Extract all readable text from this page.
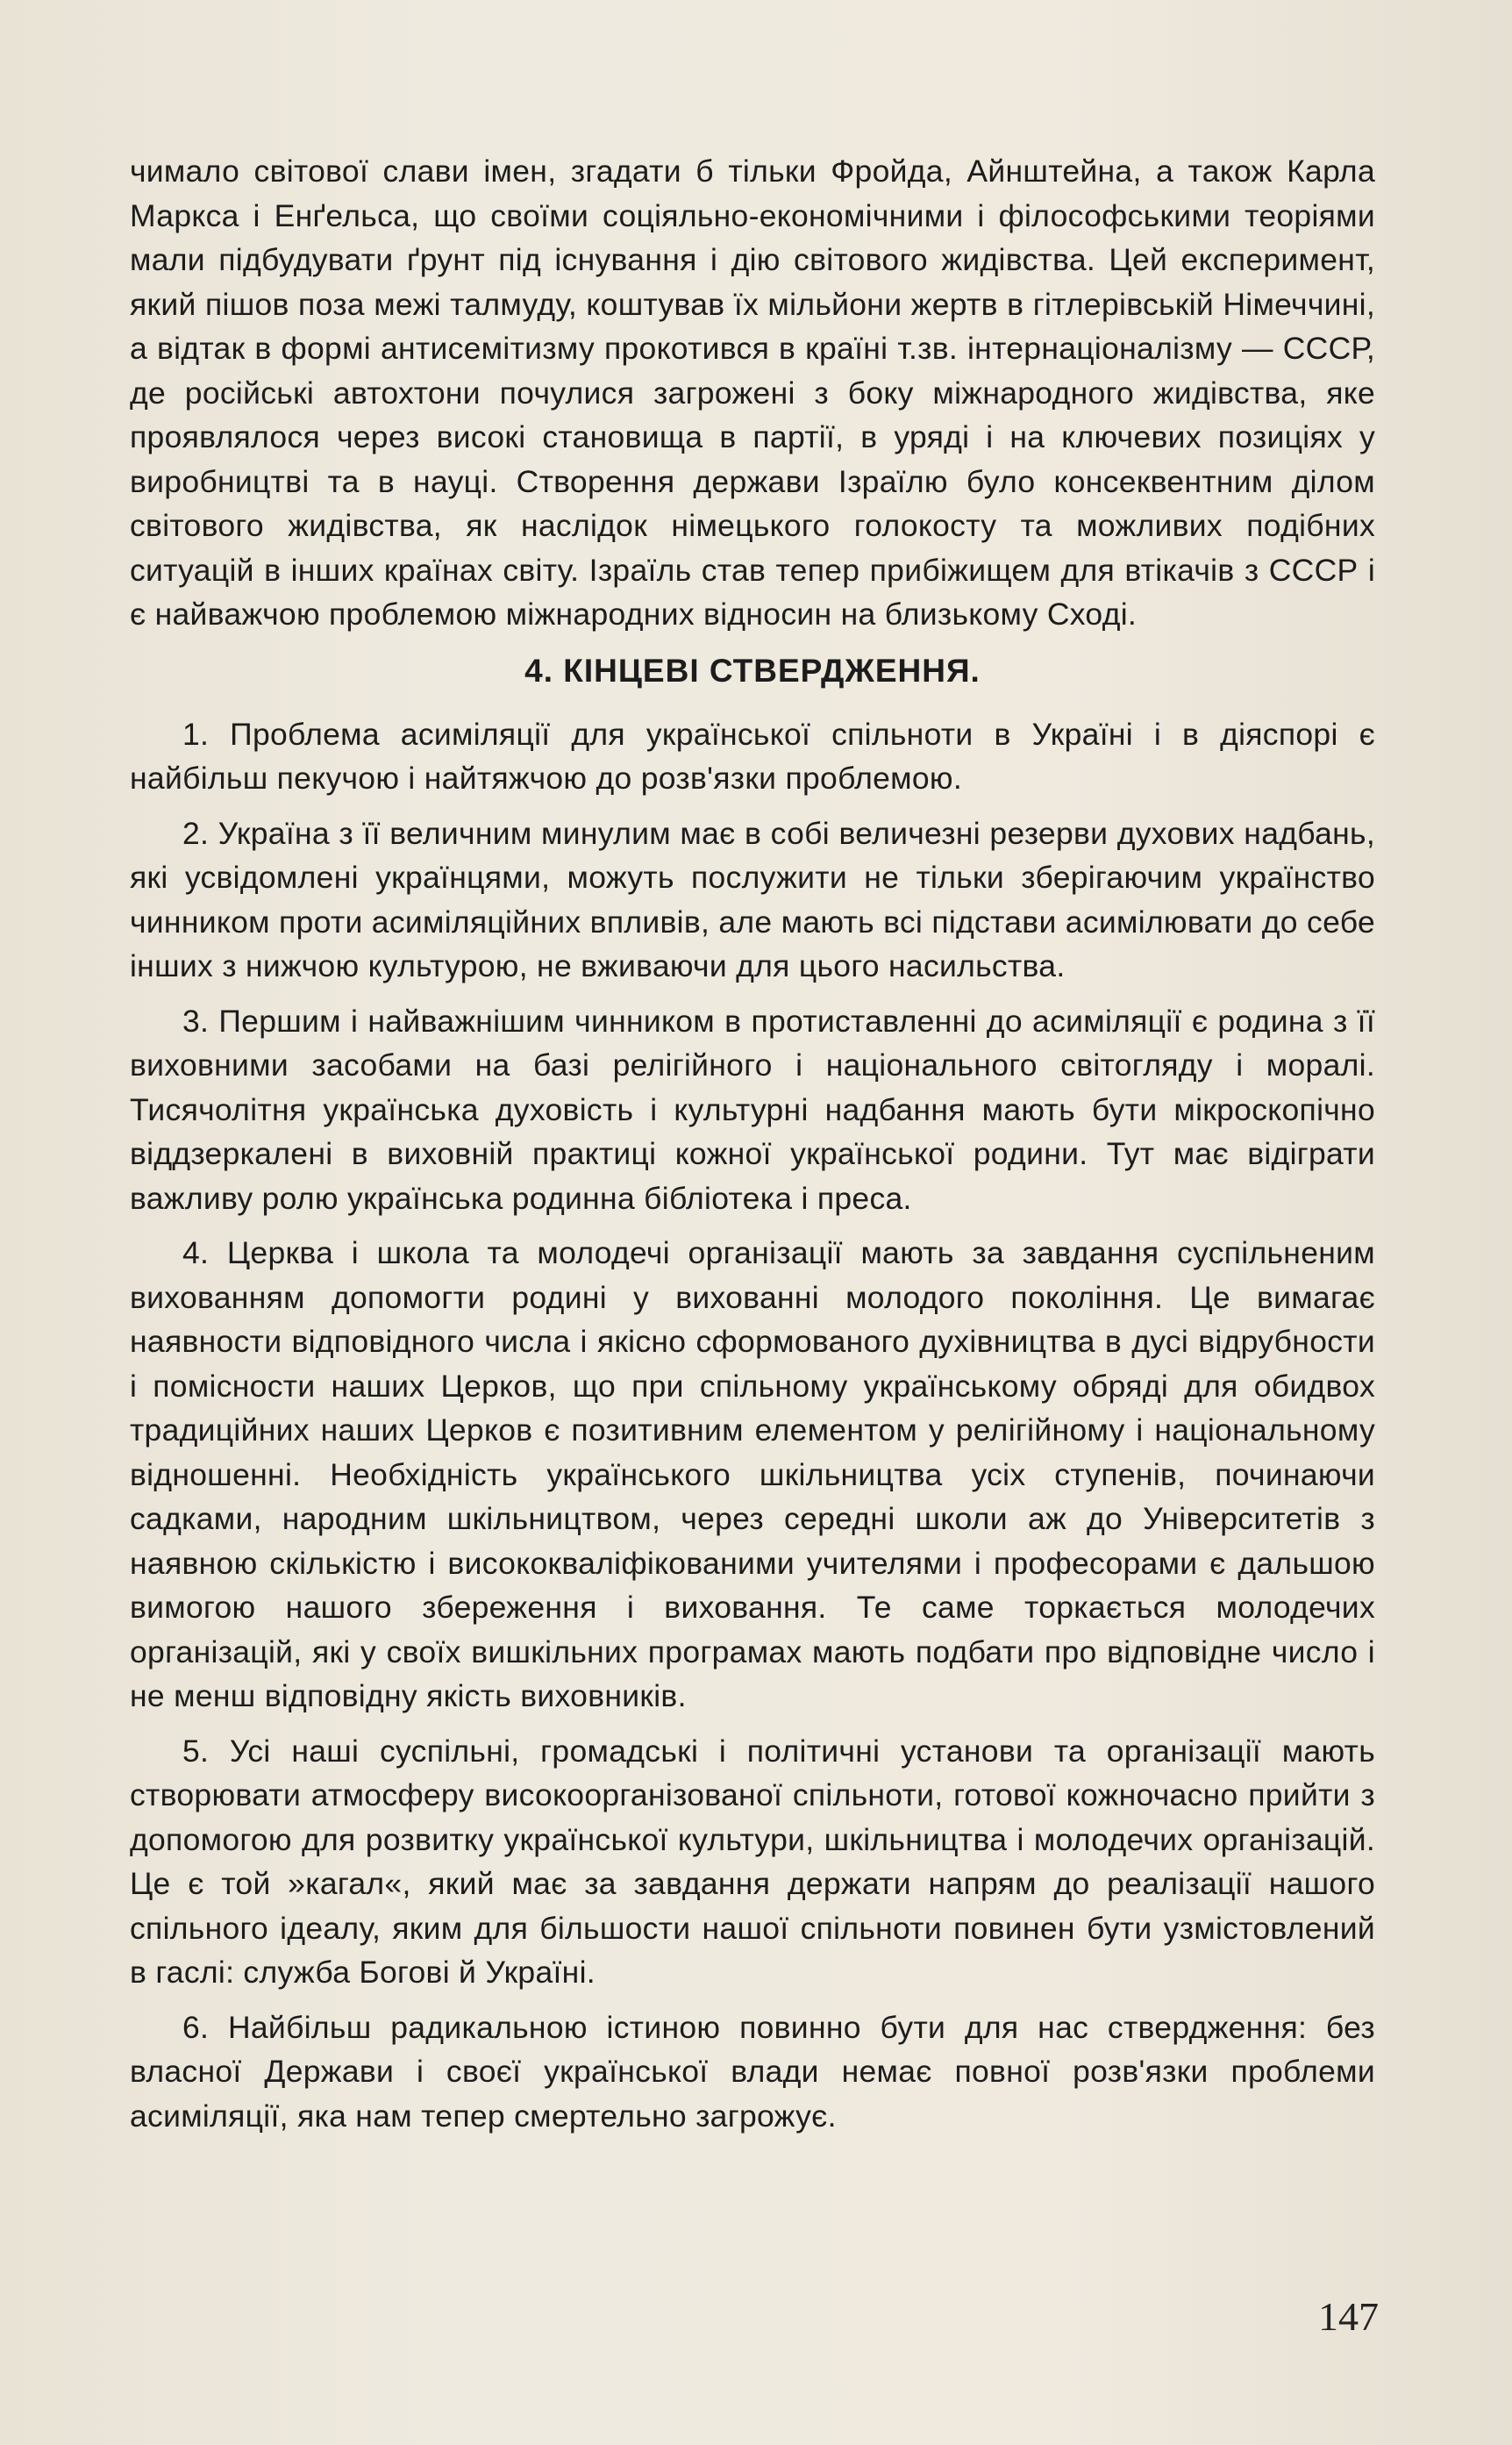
чимало світової слави імен, згадати б тільки Фройда, Айнштейна, а також Карла Маркса і Енґельса, що своїми соціяльно-економічними і філософськими теоріями мали підбудувати ґрунт під існування і дію світового жидівства. Цей експеримент, який пішов поза межі талмуду, коштував їх мільйони жертв в гітлерівській Німеччині, а відтак в формі антисемітизму прокотився в країні т.зв. інтернаціоналізму — СССР, де російські автохтони почулися загрожені з боку міжнародного жидівства, яке проявлялося через високі становища в партії, в уряді і на ключевих позиціях у виробництві та в науці. Створення держави Ізраїлю було консеквентним ділом світового жидівства, як наслідок німецького голокосту та можливих подібних ситуацій в інших країнах світу. Ізраїль став тепер прибіжищем для втікачів з СССР і є найважчою проблемою міжнародних відносин на близькому Сході.

4. КІНЦЕВІ СТВЕРДЖЕННЯ.

1. Проблема асиміляції для української спільноти в Україні і в діяспорі є найбільш пекучою і найтяжчою до розв'язки проблемою.

2. Україна з її величним минулим має в собі величезні резерви духових надбань, які усвідомлені українцями, можуть послужити не тільки зберігаючим українство чинником проти асиміляційних впливів, але мають всі підстави асимілювати до себе інших з нижчою культурою, не вживаючи для цього насильства.

3. Першим і найважнішим чинником в протиставленні до асиміляції є родина з її виховними засобами на базі релігійного і національного світогляду і моралі. Тисячолітня українська духовість і культурні надбання мають бути мікроскопічно віддзеркалені в виховній практиці кожної української родини. Тут має відіграти важливу ролю українська родинна бібліотека і преса.

4. Церква і школа та молодечі організації мають за завдання суспільненим вихованням допомогти родині у вихованні молодого покоління. Це вимагає наявности відповідного числа і якісно сформованого духівництва в дусі відрубности і помісности наших Церков, що при спільному українському обряді для обидвох традиційних наших Церков є позитивним елементом у релігійному і національному відношенні. Необхідність українського шкільництва усіх ступенів, починаючи садками, народним шкільництвом, через середні школи аж до Університетів з наявною скількістю і висококваліфікованими учителями і професорами є дальшою вимогою нашого збереження і виховання. Те саме торкається молодечих організацій, які у своїх вишкільних програмах мають подбати про відповідне число і не менш відповідну якість виховників.

5. Усі наші суспільні, громадські і політичні установи та організації мають створювати атмосферу високоорганізованої спільноти, готової кожночасно прийти з допомогою для розвитку української культури, шкільництва і молодечих організацій. Це є той »кагал«, який має за завдання держати напрям до реалізації нашого спільного ідеалу, яким для більшости нашої спільноти повинен бути узмістовлений в гаслі: служба Богові й Україні.

6. Найбільш радикальною істиною повинно бути для нас ствердження: без власної Держави і своєї української влади немає повної розв'язки проблеми асиміляції, яка нам тепер смертельно загрожує.

147
